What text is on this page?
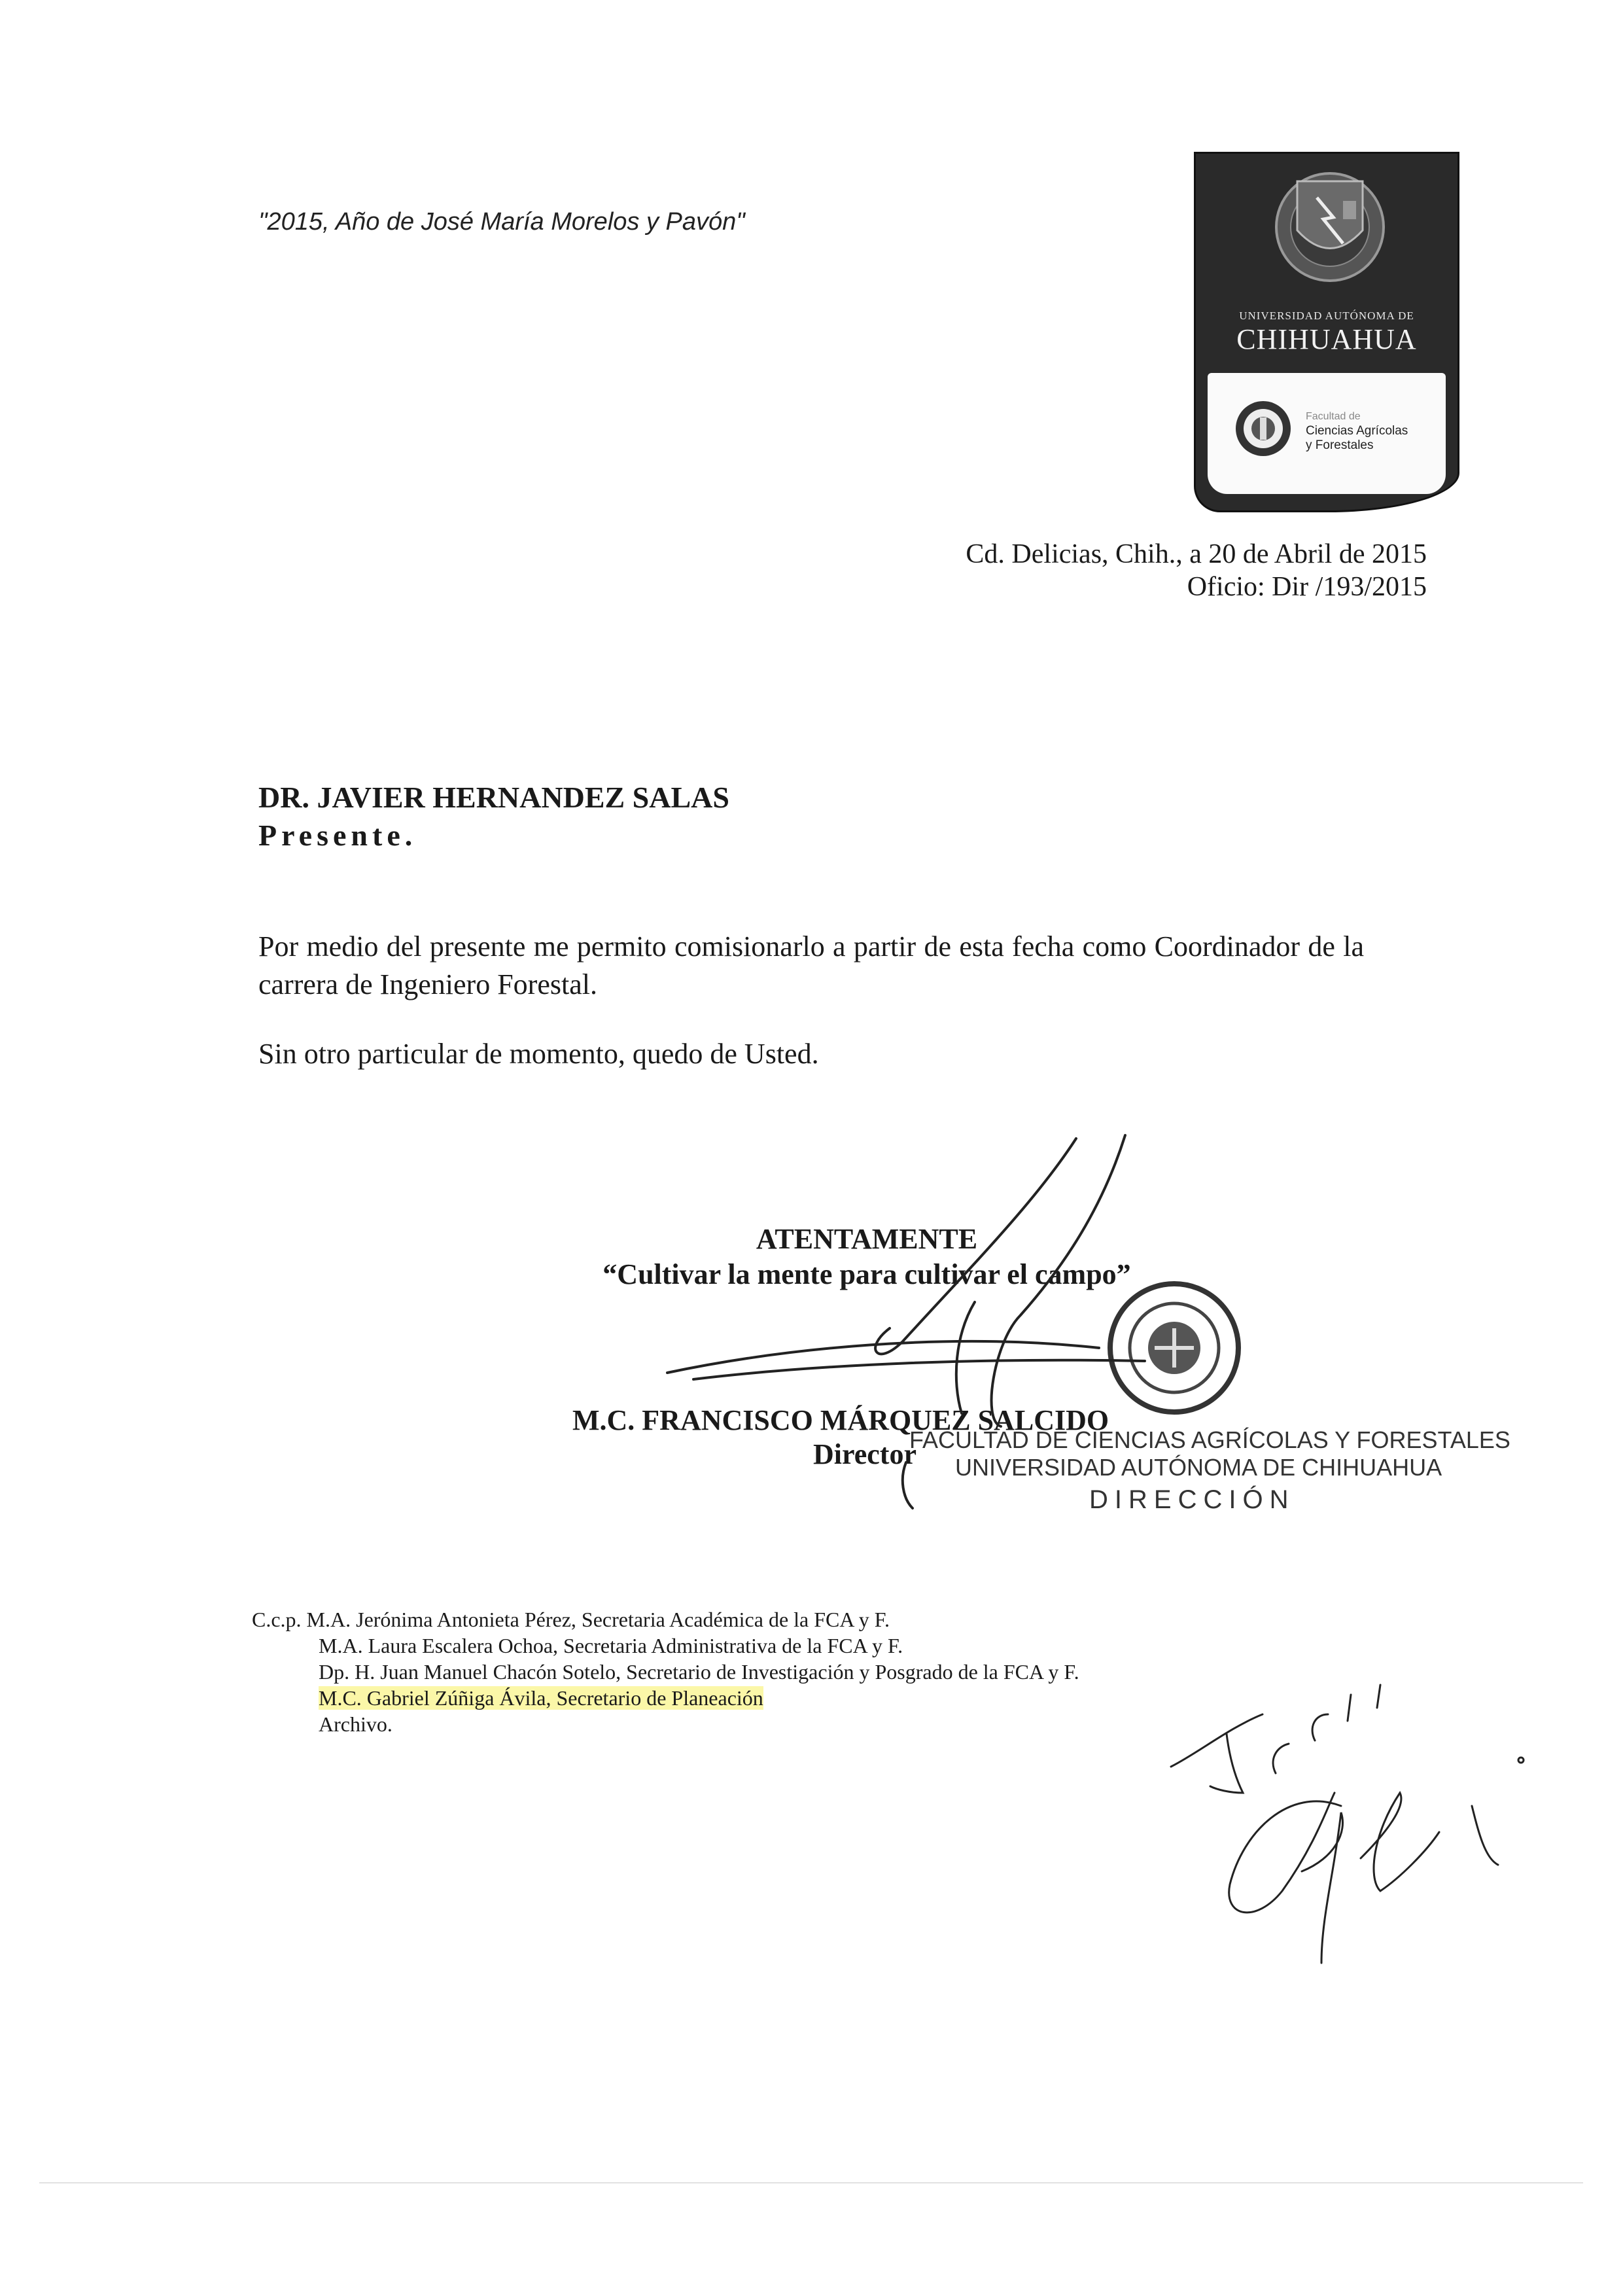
"2015, Año de José María Morelos y Pavón"
UNIVERSIDAD AUTÓNOMA DE
CHIHUAHUA
Facultad de
Ciencias Agrícolas
y Forestales
Cd. Delicias, Chih., a 20 de Abril de 2015
Oficio: Dir /193/2015
DR. JAVIER HERNANDEZ SALAS
Presente.
Por medio del presente me permito comisionarlo a partir de esta fecha como Coordinador de la carrera de Ingeniero Forestal.
Sin otro particular de momento, quedo de Usted.
ATENTAMENTE
“Cultivar la mente para cultivar el campo”
M.C. FRANCISCO MÁRQUEZ SALCIDO
Director
FACULTAD DE CIENCIAS AGRÍCOLAS Y FORESTALES
UNIVERSIDAD AUTÓNOMA DE CHIHUAHUA
DIRECCIÓN
C.c.p. M.A. Jerónima Antonieta Pérez, Secretaria Académica de la FCA y F.
M.A. Laura Escalera Ochoa, Secretaria Administrativa de la FCA y F.
Dp. H. Juan Manuel Chacón Sotelo, Secretario de Investigación y Posgrado de la FCA y F.
M.C. Gabriel Zúñiga Ávila, Secretario de Planeación
Archivo.
